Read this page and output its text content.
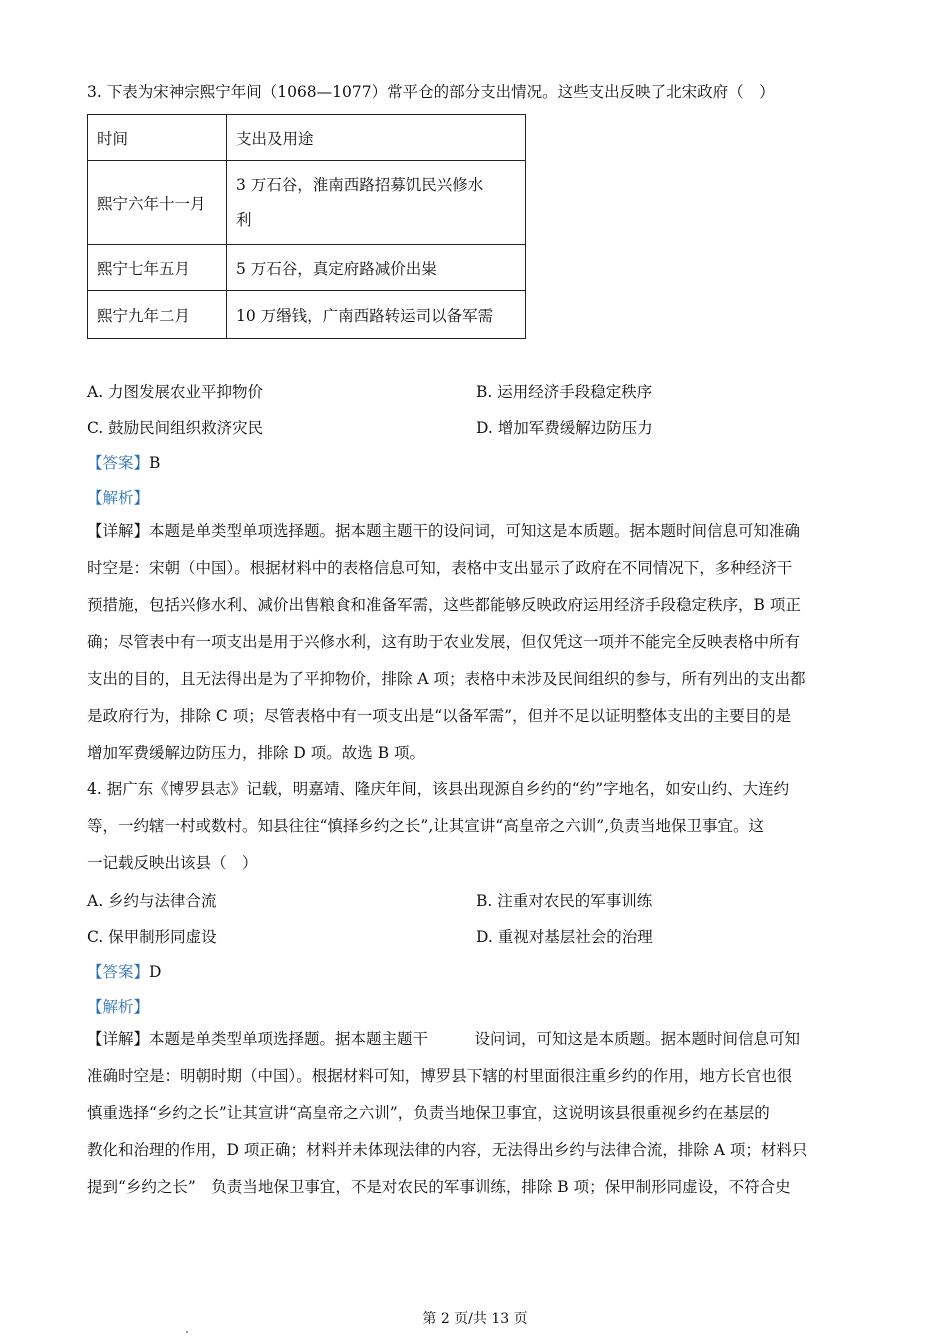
3. 下表为宋神宗熙宁年间（1068—1077）常平仓的部分支出情况。这些支出反映了北宋政府（　）
时间	支出及用途
熙宁六年十一月	3 万石谷，淮南西路招募饥民兴修水
利

熙宁七年五月	5 万石谷，真定府路减价出粜
熙宁九年二月	10 万缗钱，广南西路转运司以备军需
A. 力图发展农业平抑物价	B. 运用经济手段稳定秩序
C. 鼓励民间组织救济灾民	D. 增加军费缓解边防压力
【答案】B
【解析】
【详解】本题是单类型单项选择题。据本题主题干的设问词，可知这是本质题。据本题时间信息可知准确
时空是：宋朝（中国）。根据材料中的表格信息可知，表格中支出显示了政府在不同情况下，多种经济干
预措施，包括兴修水利、减价出售粮食和准备军需，这些都能够反映政府运用经济手段稳定秩序，B 项正
确；尽管表中有一项支出是用于兴修水利，这有助于农业发展，但仅凭这一项并不能完全反映表格中所有
支出的目的，且无法得出是为了平抑物价，排除 A 项；表格中未涉及民间组织的参与，所有列出的支出都
是政府行为，排除 C 项；尽管表格中有一项支出是“以备军需”，但并不足以证明整体支出的主要目的是
增加军费缓解边防压力，排除 D 项。故选 B 项。
4. 据广东《博罗县志》记载，明嘉靖、隆庆年间，该县出现源自乡约的“约”字地名，如安山约、大连约
等，一约辖一村或数村。知县往往“慎择乡约之长”,让其宣讲“高皇帝之六训”,负责当地保卫事宜。这
一记载反映出该县（　）
A. 乡约与法律合流	B. 注重对农民的军事训练
C. 保甲制形同虚设	D. 重视对基层社会的治理
【答案】D
【解析】
【详解】本题是单类型单项选择题。据本题主题干　　　设问词，可知这是本质题。据本题时间信息可知
准确时空是：明朝时期（中国）。根据材料可知，博罗县下辖的村里面很注重乡约的作用，地方长官也很
慎重选择“乡约之长”让其宣讲“高皇帝之六训”，负责当地保卫事宜，这说明该县很重视乡约在基层的
教化和治理的作用，D 项正确；材料并未体现法律的内容，无法得出乡约与法律合流，排除 A 项；材料只
提到“乡约之长”　负责当地保卫事宜，不是对农民的军事训练，排除 B 项；保甲制形同虚设，不符合史
第 2 页/共 13 页
